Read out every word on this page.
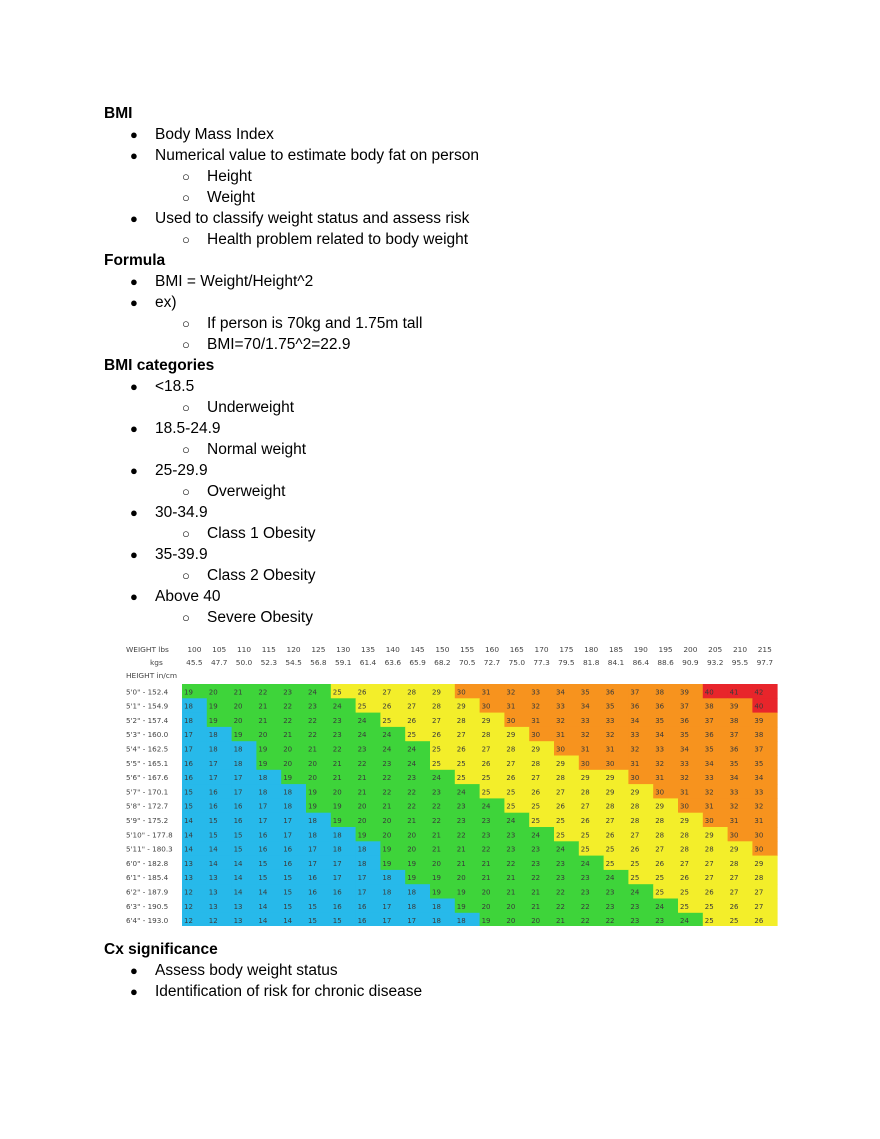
BMI
● Body Mass Index
● Numerical value to estimate body fat on person
○ Height
○ Weight
● Used to classify weight status and assess risk
○ Health problem related to body weight
Formula
● BMI = Weight/Height^2
● ex)
○ If person is 70kg and 1.75m tall
○ BMI=70/1.75^2=22.9
BMI categories
● <18.5
○ Underweight
● 18.5-24.9
○ Normal weight
● 25-29.9
○ Overweight
● 30-34.9
○ Class 1 Obesity
● 35-39.9
○ Class 2 Obesity
● Above 40
○ Severe Obesity
Cx significance
● Assess body weight status
● Identification of risk for chronic disease
WEIGHT lbs
kgs
HEIGHT in/cm
100
45.5
105
47.7
110
50.0
115
52.3
120
54.5
125
56.8
130
59.1
135
61.4
140
63.6
145
65.9
150
68.2
155
70.5
160
72.7
165
75.0
170
77.3
175
79.5
180
81.8
185
84.1
190
86.4
195
88.6
200
90.9
205
93.2
210
95.5
215
97.7
5'0" - 152.4 19 20 21 22 23 24 25 26 27 28 29 30 31 32 33 34 35 36 37 38 39 40 41 42
5'1" - 154.9 18 19 20 21 22 23 24 25 26 27 28 29 30 31 32 33 34 35 36 36 37 38 39 40
5'2" - 157.4 18 19 20 21 22 22 23 24 25 26 27 28 29 30 31 32 33 33 34 35 36 37 38 39
5'3" - 160.0 17 18 19 20 21 22 23 24 24 25 26 27 28 29 30 31 32 32 33 34 35 36 37 38
5'4" - 162.5 17 18 18 19 20 21 22 23 24 24 25 26 27 28 29 30 31 31 32 33 34 35 36 37
5'5" - 165.1 16 17 18 19 20 20 21 22 23 24 25 25 26 27 28 29 30 30 31 32 33 34 35 35
5'6" - 167.6 16 17 17 18 19 20 21 21 22 23 24 25 25 26 27 28 29 29 30 31 32 33 34 34
5'7" - 170.1 15 16 17 18 18 19 20 21 22 22 23 24 25 25 26 27 28 29 29 30 31 32 33 33
5'8" - 172.7 15 16 16 17 18 19 19 20 21 22 22 23 24 25 25 26 27 28 28 29 30 31 32 32
5'9" - 175.2 14 15 16 17 17 18 19 20 20 21 22 23 23 24 25 25 26 27 28 28 29 30 31 31
5'10" - 177.8 14 15 15 16 17 18 18 19 20 20 21 22 23 23 24 25 25 26 27 28 28 29 30 30
5'11" - 180.3 14 14 15 16 16 17 18 18 19 20 21 21 22 23 23 24 25 25 26 27 28 28 29 30
6'0" - 182.8 13 14 14 15 16 17 17 18 19 19 20 21 21 22 23 23 24 25 25 26 27 27 28 29
6'1" - 185.4 13 13 14 15 15 16 17 17 18 19 19 20 21 21 22 23 23 24 25 25 26 27 27 28
6'2" - 187.9 12 13 14 14 15 16 16 17 18 18 19 19 20 21 21 22 23 23 24 25 25 26 27 27
6'3" - 190.5 12 13 13 14 15 15 16 16 17 18 18 19 20 20 21 22 22 23 23 24 25 25 26 27
6'4" - 193.0 12 12 13 14 14 15 15 16 17 17 18 18 19 20 20 21 22 22 23 23 24 25 25 26
